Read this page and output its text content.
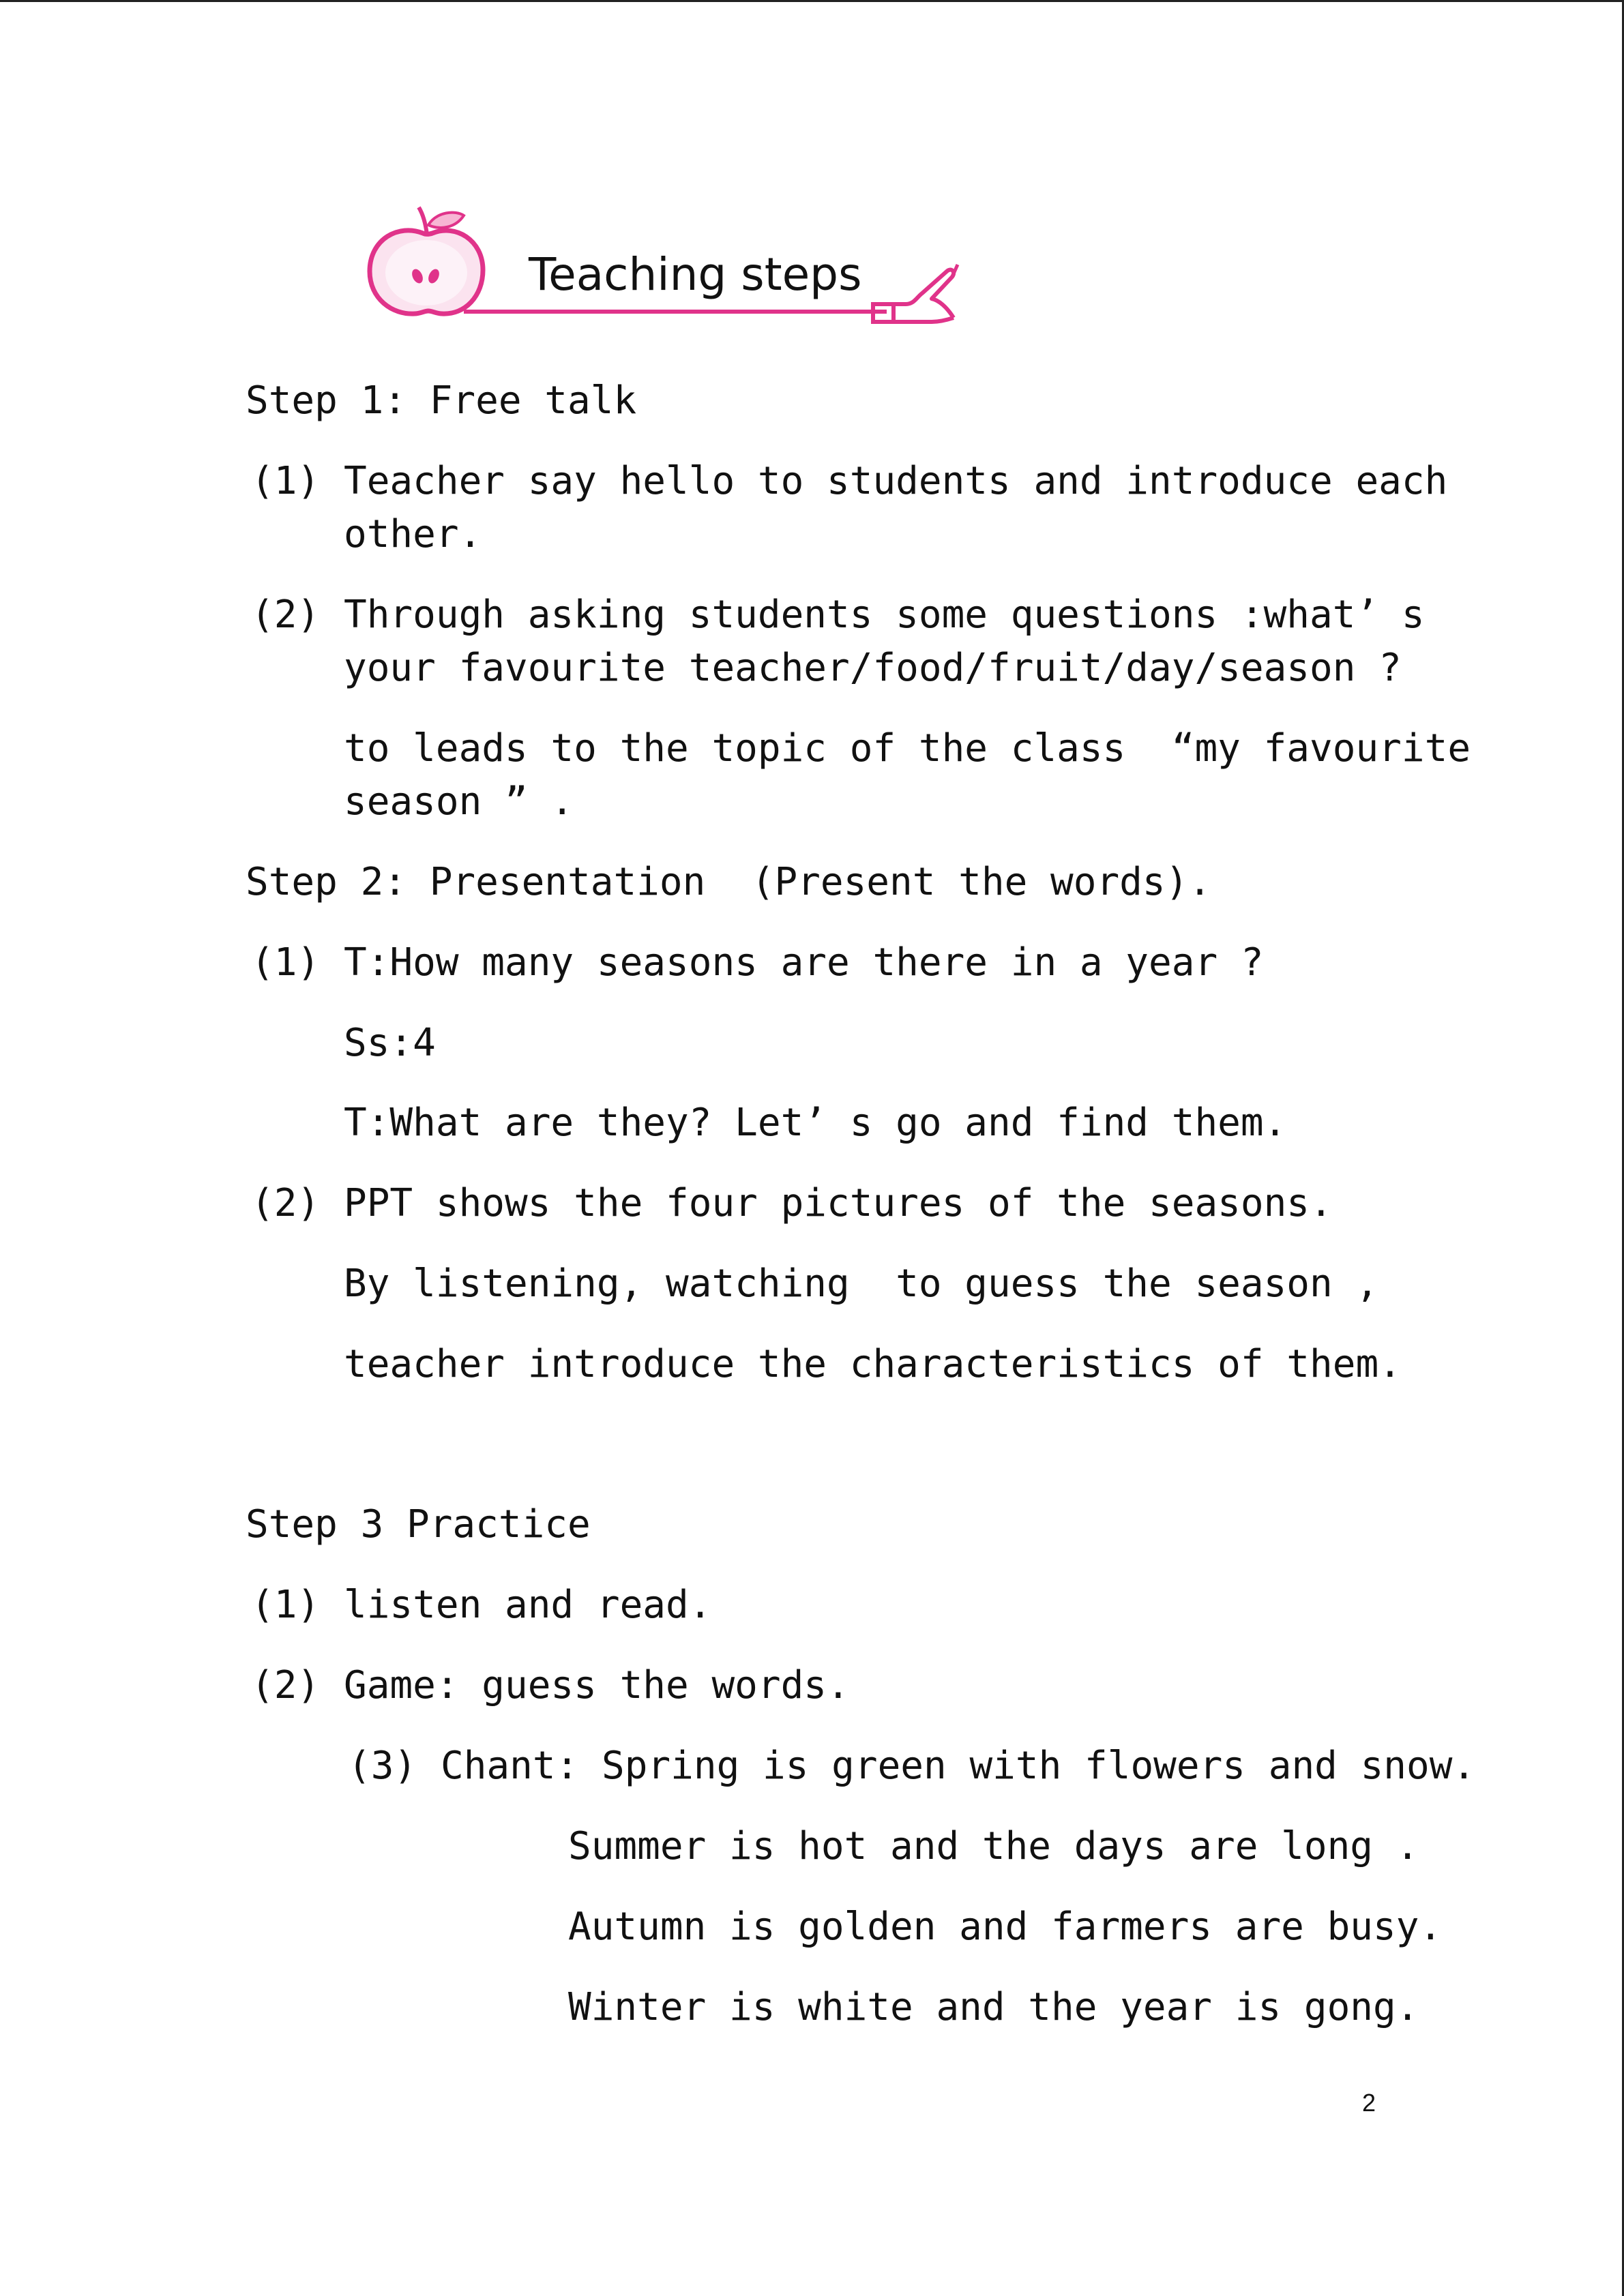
Teaching steps
Step 1: Free talk
(1) Teacher say hello to students and introduce each
other.
(2) Through asking students some questions :what’ s
your favourite teacher/food/fruit/day/season ?
to leads to the topic of the class  “my favourite
season ” .
Step 2: Presentation  (Present the words).
(1) T:How many seasons are there in a year ?
Ss:4
T:What are they? Let’ s go and find them.
(2) PPT shows the four pictures of the seasons.
By listening, watching  to guess the season ,
teacher introduce the characteristics of them.
Step 3 Practice
(1) listen and read.
(2) Game: guess the words.
(3) Chant: Spring is green with flowers and snow.
Summer is hot and the days are long .
Autumn is golden and farmers are busy.
Winter is white and the year is gong.
2
